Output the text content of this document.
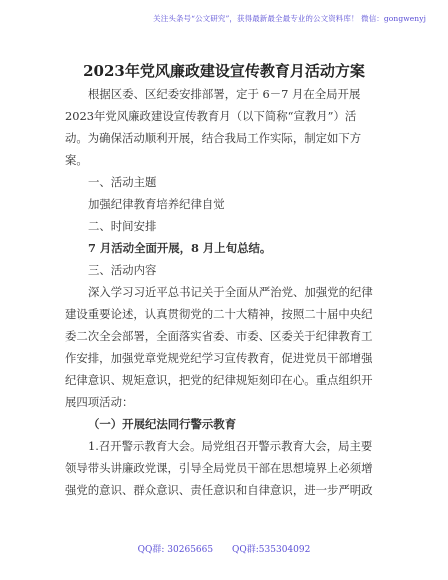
关注头条号“公文研究”，获得最新最全最专业的公文资料库！ 微信：gongwenyj
2023年党风廉政建设宣传教育月活动方案
根据区委、区纪委安排部署，定于 6－7 月在全局开展
2023年党风廉政建设宣传教育月（以下简称“宣教月”）活
动。为确保活动顺利开展，结合我局工作实际，制定如下方
案。
一、活动主题
加强纪律教育培养纪律自觉
二、时间安排
7 月活动全面开展，8 月上旬总结。
三、活动内容
深入学习习近平总书记关于全面从严治党、加强党的纪律
建设重要论述，认真贯彻党的二十大精神，按照二十届中央纪
委二次全会部署，全面落实省委、市委、区委关于纪律教育工
作安排，加强党章党规党纪学习宣传教育，促进党员干部增强
纪律意识、规矩意识，把党的纪律规矩刻印在心。重点组织开
展四项活动：
（一）开展纪法同行警示教育
1.召开警示教育大会。局党组召开警示教育大会，局主要
领导带头讲廉政党课，引导全局党员干部在思想境界上必须增
强党的意识、群众意识、责任意识和自律意识，进一步严明政
QQ群: 30265665 QQ群:535304092
